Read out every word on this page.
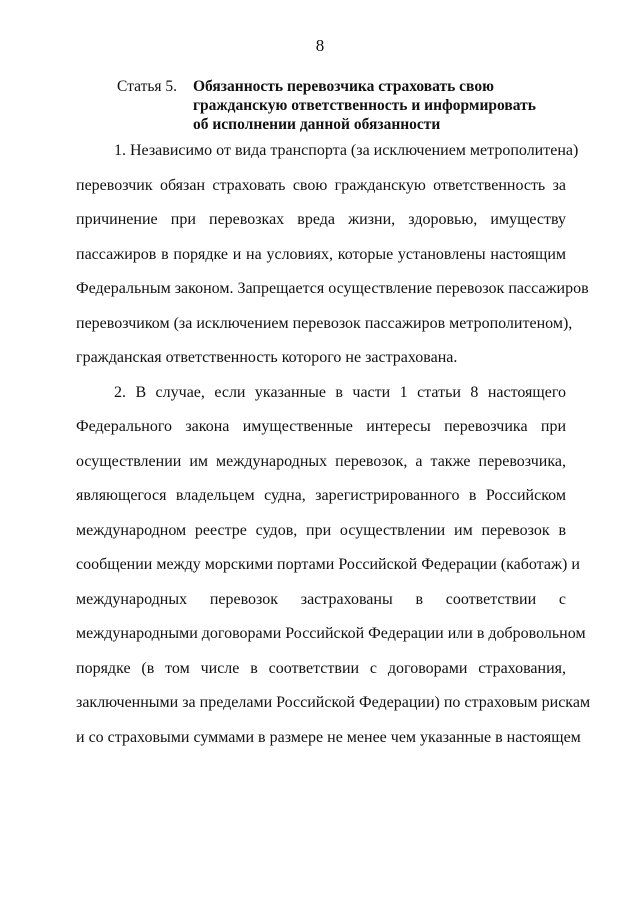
8
Статья 5.	Обязанность перевозчика страховать свою
гражданскую ответственность и информировать
об исполнении данной обязанности
1. Независимо от вида транспорта (за исключением метрополитена)
перевозчик обязан страховать свою гражданскую ответственность за
причинение при перевозках вреда жизни, здоровью, имуществу
пассажиров в порядке и на условиях, которые установлены настоящим
Федеральным законом. Запрещается осуществление перевозок пассажиров
перевозчиком (за исключением перевозок пассажиров метрополитеном),
гражданская ответственность которого не застрахована.
2. В случае, если указанные в части 1 статьи 8 настоящего
Федерального закона имущественные интересы перевозчика при
осуществлении им международных перевозок, а также перевозчика,
являющегося владельцем судна, зарегистрированного в Российском
международном реестре судов, при осуществлении им перевозок в
сообщении между морскими портами Российской Федерации (каботаж) и
международных перевозок застрахованы в соответствии с
международными договорами Российской Федерации или в добровольном
порядке (в том числе в соответствии с договорами страхования,
заключенными за пределами Российской Федерации) по страховым рискам
и со страховыми суммами в размере не менее чем указанные в настоящем
